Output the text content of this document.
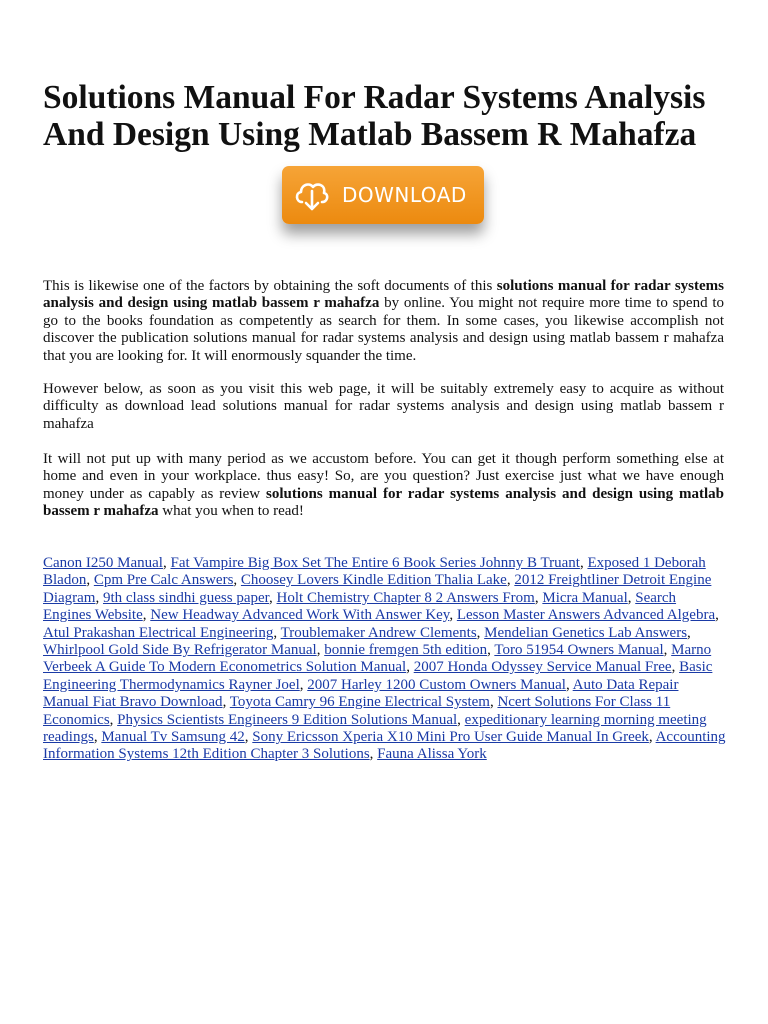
Solutions Manual For Radar Systems Analysis And Design Using Matlab Bassem R Mahafza
DOWNLOAD

This is likewise one of the factors by obtaining the soft documents of this solutions manual for radar systems analysis and design using matlab bassem r mahafza by online. You might not require more time to spend to go to the books foundation as competently as search for them. In some cases, you likewise accomplish not discover the publication solutions manual for radar systems analysis and design using matlab bassem r mahafza that you are looking for. It will enormously squander the time.

However below, as soon as you visit this web page, it will be suitably extremely easy to acquire as without difficulty as download lead solutions manual for radar systems analysis and design using matlab bassem r mahafza

It will not put up with many period as we accustom before. You can get it though perform something else at home and even in your workplace. thus easy! So, are you question? Just exercise just what we have enough money under as capably as review solutions manual for radar systems analysis and design using matlab bassem r mahafza what you when to read!

Canon I250 Manual, Fat Vampire Big Box Set The Entire 6 Book Series Johnny B Truant, Exposed 1 Deborah Bladon, Cpm Pre Calc Answers, Choosey Lovers Kindle Edition Thalia Lake, 2012 Freightliner Detroit Engine Diagram, 9th class sindhi guess paper, Holt Chemistry Chapter 8 2 Answers From, Micra Manual, Search Engines Website, New Headway Advanced Work With Answer Key, Lesson Master Answers Advanced Algebra, Atul Prakashan Electrical Engineering, Troublemaker Andrew Clements, Mendelian Genetics Lab Answers, Whirlpool Gold Side By Refrigerator Manual, bonnie fremgen 5th edition, Toro 51954 Owners Manual, Marno Verbeek A Guide To Modern Econometrics Solution Manual, 2007 Honda Odyssey Service Manual Free, Basic Engineering Thermodynamics Rayner Joel, 2007 Harley 1200 Custom Owners Manual, Auto Data Repair Manual Fiat Bravo Download, Toyota Camry 96 Engine Electrical System, Ncert Solutions For Class 11 Economics, Physics Scientists Engineers 9 Edition Solutions Manual, expeditionary learning morning meeting readings, Manual Tv Samsung 42, Sony Ericsson Xperia X10 Mini Pro User Guide Manual In Greek, Accounting Information Systems 12th Edition Chapter 3 Solutions, Fauna Alissa York
